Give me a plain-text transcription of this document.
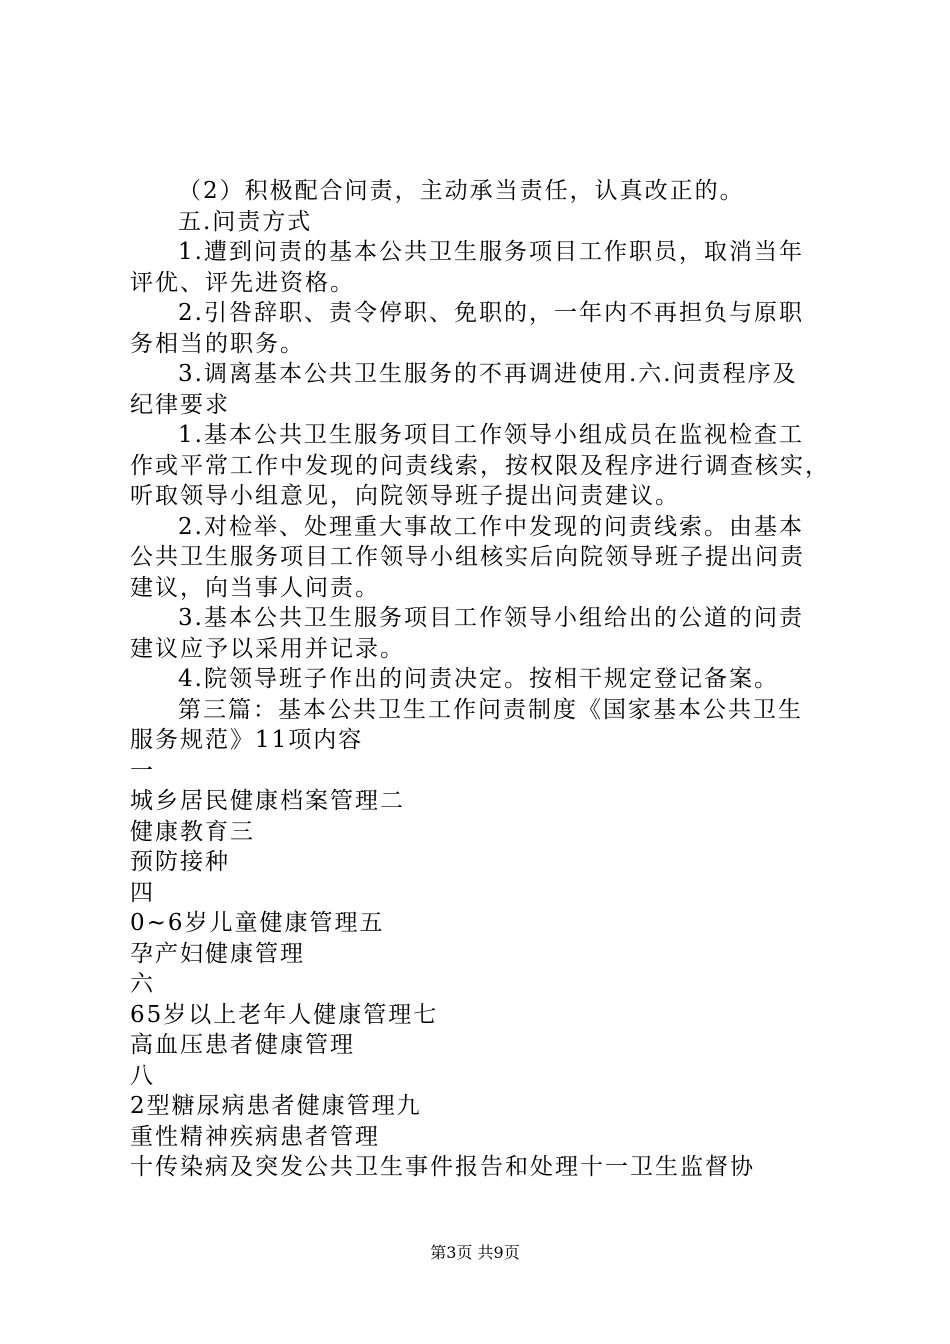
（2）积极配合问责，主动承当责任，认真改正的。
五.问责方式
1.遭到问责的基本公共卫生服务项目工作职员，取消当年
评优、评先进资格。
2.引咎辞职、责令停职、免职的，一年内不再担负与原职
务相当的职务。
3.调离基本公共卫生服务的不再调进使用.六.问责程序及
纪律要求
1.基本公共卫生服务项目工作领导小组成员在监视检查工
作或平常工作中发现的问责线索，按权限及程序进行调查核实，
听取领导小组意见，向院领导班子提出问责建议。
2.对检举、处理重大事故工作中发现的问责线索。由基本
公共卫生服务项目工作领导小组核实后向院领导班子提出问责
建议，向当事人问责。
3.基本公共卫生服务项目工作领导小组给出的公道的问责
建议应予以采用并记录。
4.院领导班子作出的问责决定。按相干规定登记备案。
第三篇：基本公共卫生工作问责制度《国家基本公共卫生
服务规范》11项内容
一
城乡居民健康档案管理二
健康教育三
预防接种
四
0~6岁儿童健康管理五
孕产妇健康管理
六
65岁以上老年人健康管理七
高血压患者健康管理
八
2型糖尿病患者健康管理九
重性精神疾病患者管理
十传染病及突发公共卫生事件报告和处理十一卫生监督协
第3页 共9页
